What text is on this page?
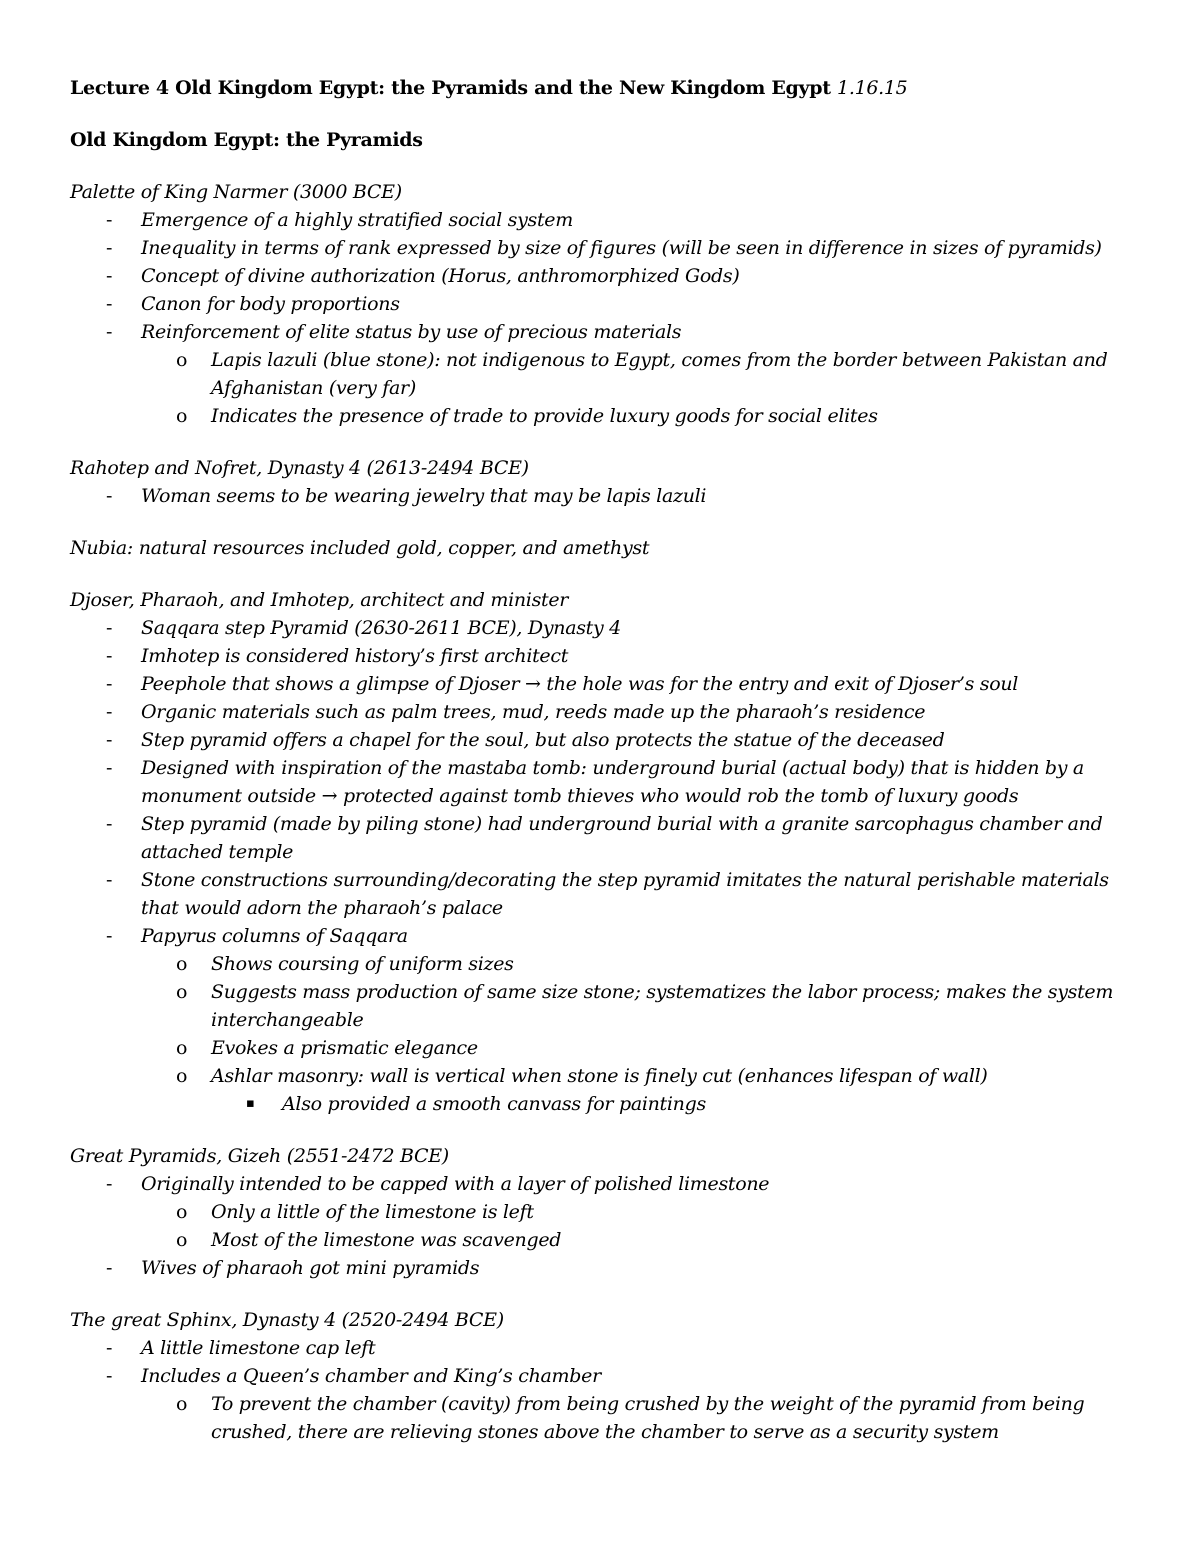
Lecture 4 Old Kingdom Egypt: the Pyramids and the New Kingdom Egypt 1.16.15

Old Kingdom Egypt: the Pyramids

Palette of King Narmer (3000 BCE)
- Emergence of a highly stratified social system
- Inequality in terms of rank expressed by size of figures (will be seen in difference in sizes of pyramids)
- Concept of divine authorization (Horus, anthromorphized Gods)
- Canon for body proportions
- Reinforcement of elite status by use of precious materials
o Lapis lazuli (blue stone): not indigenous to Egypt, comes from the border between Pakistan and Afghanistan (very far)
o Indicates the presence of trade to provide luxury goods for social elites
Rahotep and Nofret, Dynasty 4 (2613-2494 BCE)
- Woman seems to be wearing jewelry that may be lapis lazuli
Nubia: natural resources included gold, copper, and amethyst
Djoser, Pharaoh, and Imhotep, architect and minister
- Saqqara step Pyramid (2630-2611 BCE), Dynasty 4
- Imhotep is considered history’s first architect
- Peephole that shows a glimpse of Djoser → the hole was for the entry and exit of Djoser’s soul
- Organic materials such as palm trees, mud, reeds made up the pharaoh’s residence
- Step pyramid offers a chapel for the soul, but also protects the statue of the deceased
- Designed with inspiration of the mastaba tomb: underground burial (actual body) that is hidden by a monument outside → protected against tomb thieves who would rob the tomb of luxury goods
- Step pyramid (made by piling stone) had underground burial with a granite sarcophagus chamber and attached temple
- Stone constructions surrounding/decorating the step pyramid imitates the natural perishable materials that would adorn the pharaoh’s palace
- Papyrus columns of Saqqara
o Shows coursing of uniform sizes
o Suggests mass production of same size stone; systematizes the labor process; makes the system interchangeable
o Evokes a prismatic elegance
o Ashlar masonry: wall is vertical when stone is finely cut (enhances lifespan of wall)
▪ Also provided a smooth canvass for paintings
Great Pyramids, Gizeh (2551-2472 BCE)
- Originally intended to be capped with a layer of polished limestone
o Only a little of the limestone is left
o Most of the limestone was scavenged
- Wives of pharaoh got mini pyramids
The great Sphinx, Dynasty 4 (2520-2494 BCE)
- A little limestone cap left
- Includes a Queen’s chamber and King’s chamber
o To prevent the chamber (cavity) from being crushed by the weight of the pyramid from being crushed, there are relieving stones above the chamber to serve as a security system
